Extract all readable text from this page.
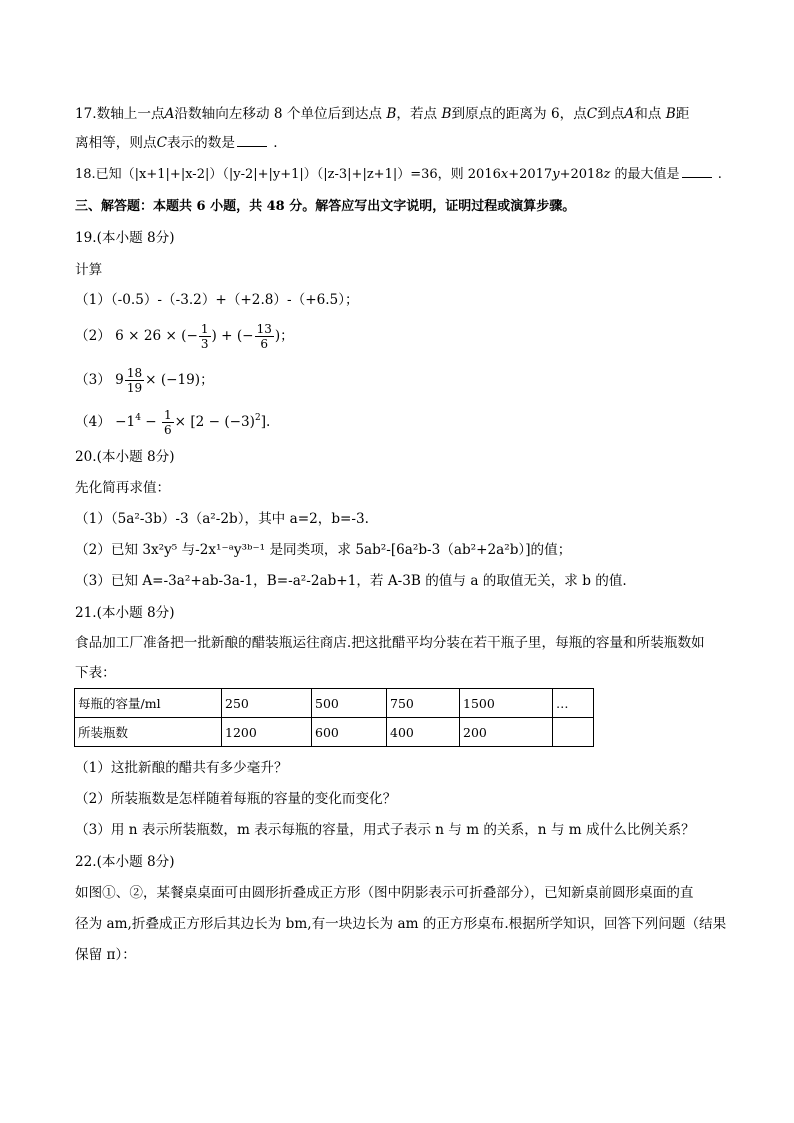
17.数轴上一点A沿数轴向左移动 8 个单位后到达点 B，若点 B到原点的距离为 6，点C到点A和点 B距
离相等，则点C表示的数是	.
18.已知（|x+1|+|x-2|）（|y-2|+|y+1|）（|z-3|+|z+1|）=36，则 2016x+2017y+2018z 的最大值是	.
三、解答题：本题共 6 小题，共 48 分。解答应写出文字说明，证明过程或演算步骤。
19.(本小题 8分)
计算
（1）（-0.5）-（-3.2）+（+2.8）-（+6.5）；
（2） 6 × 26 × (− $\frac{1}{3}$ ) + (− $\frac{13}{6}$ )；
（3） $9 \frac{18}{19} \times (-19)$；
$(4) -1^4 - \frac{1}{6} \times [2 - (-3)^2]$.
20.(本小题 8分)
先化简再求值：
（1）（5a²-3b）-3（a²-2b），其中 a=2，b=-3.
（2）已知 3x²y⁵ 与-2x¹⁻ᵃy³ᵇ⁻¹ 是同类项，求 5ab²-[6a²b-3（ab²+2a²b）]的值；
（3）已知 A=-3a²+ab-3a-1，B=-a²-2ab+1，若 A-3B 的值与 a 的取值无关，求 b 的值.
21.(本小题 8分)
食品加工厂准备把一批新酿的醋装瓶运往商店.把这批醋平均分装在若干瓶子里，每瓶的容量和所装瓶数如
下表：
每瓶的容量/ml	250	500	750	1500	…
所装瓶数	1200	600	400	200	
（1）这批新酿的醋共有多少毫升？
（2）所装瓶数是怎样随着每瓶的容量的变化而变化？
（3）用 n 表示所装瓶数，m 表示每瓶的容量，用式子表示 n 与 m 的关系，n 与 m 成什么比例关系？
22.(本小题 8分)
如图①、②，某餐桌桌面可由圆形折叠成正方形（图中阴影表示可折叠部分），已知新桌前圆形桌面的直
径为 am,折叠成正方形后其边长为 bm,有一块边长为 am 的正方形桌布.根据所学知识，回答下列问题（结果
保留 π）：
